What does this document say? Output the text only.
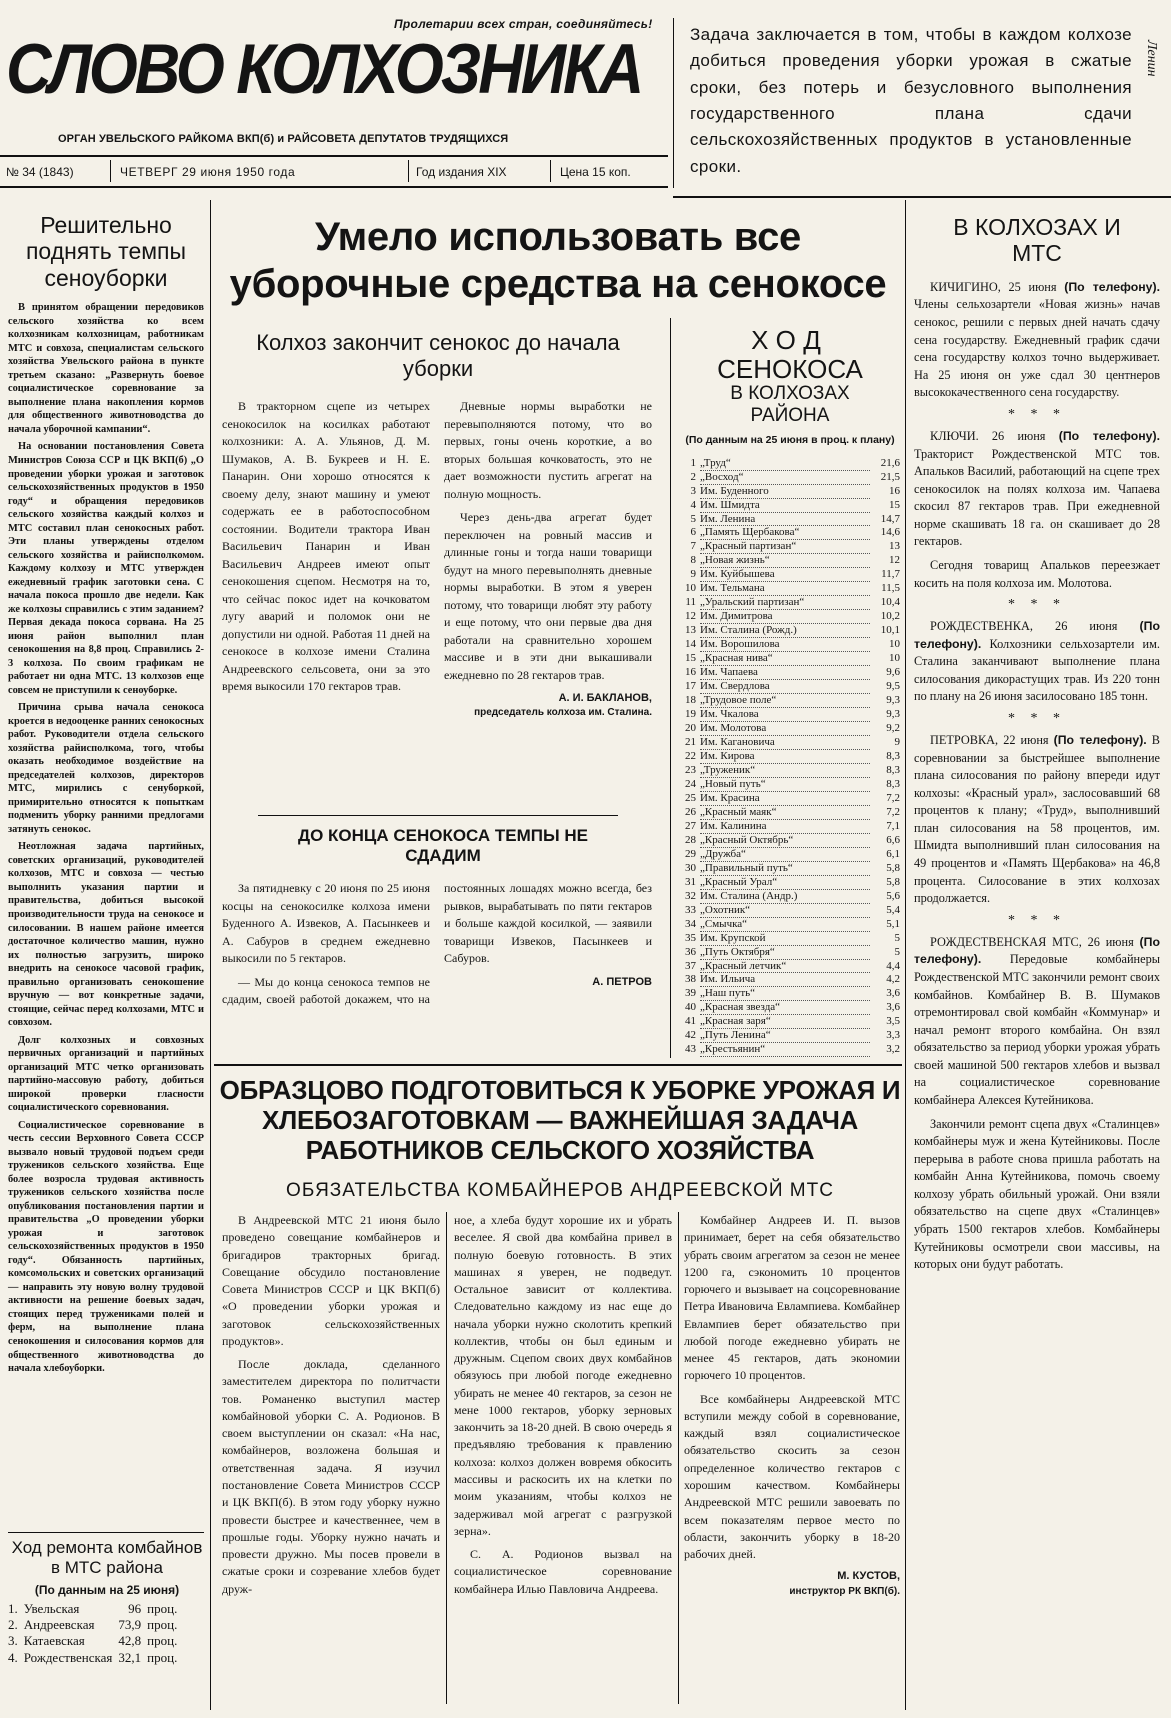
Пролетарии всех стран, соединяйтесь!
СЛОВО КОЛХОЗНИКА
ОРГАН УВЕЛЬСКОГО РАЙКОМА ВКП(б) и РАЙСОВЕТА ДЕПУТАТОВ ТРУДЯЩИХСЯ
№ 34 (1843)	ЧЕТВЕРГ 29 июня 1950 года	Год издания XIX	Цена 15 коп.
Задача заключается в том, чтобы в каждом колхозе добиться проведения уборки урожая в сжатые сроки, без потерь и безусловного выполнения государственного плана сдачи сельскохозяйственных продуктов в установленные сроки.
Ленин
Решительно поднять темпы сеноуборки

В принятом обращении передовиков сельского хозяйства ко всем колхозникам колхозницам, работникам МТС и совхоза, специалистам сельского хозяйства Увельского района в пункте третьем сказано: „Развернуть боевое социалистическое соревнование за выполнение плана накопления кормов для общественного животноводства до начала уборочной кампании“.

На основании постановления Совета Министров Союза ССР и ЦК ВКП(б) „О проведении уборки урожая и заготовок сельскохозяйственных продуктов в 1950 году“ и обращения передовиков сельского хозяйства каждый колхоз и МТС составил план сенокосных работ. Эти планы утверждены отделом сельского хозяйства и райисполкомом. Каждому колхозу и МТС утвержден ежедневный график заготовки сена. С начала покоса прошло две недели. Как же колхозы справились с этим заданием? Первая декада покоса сорвана. На 25 июня район выполнил план сенокошения на 8,8 проц. Справились 2-3 колхоза. По своим графикам не работает ни одна МТС. 13 колхозов еще совсем не приступили к сеноуборке.

Причина срыва начала сенокоса кроется в недооценке ранних сенокосных работ. Руководители отдела сельского хозяйства райисполкома, того, чтобы оказать необходимое воздействие на председателей колхозов, директоров МТС, мирились с сенуборкой, примирительно относятся к попыткам подменить уборку ранними предлогами затянуть сенокос.

Неотложная задача партийных, советских организаций, руководителей колхозов, МТС и совхоза — честью выполнить указания партии и правительства, добиться высокой производительности труда на сенокосе и силосовании. В нашем районе имеется достаточное количество машин, нужно их полностью загрузить, широко внедрить на сенокосе часовой график, правильно организовать сенокошение вручную — вот конкретные задачи, стоящие, сейчас перед колхозами, МТС и совхозом.

Долг колхозных и совхозных первичных организаций и партийных организаций МТС четко организовать партийно-массовую работу, добиться широкой проверки гласности социалистического соревнования.

Социалистическое соревнование в честь сессии Верховного Совета СССР вызвало новый трудовой подъем среди тружеников сельского хозяйства. Еще более возросла трудовая активность тружеников сельского хозяйства после опубликования постановления партии и правительства „О проведении уборки урожая и заготовок сельскохозяйственных продуктов в 1950 году“. Обязанность партийных, комсомольских и советских организаций — направить эту новую волну трудовой активности на решение боевых задач, стоящих перед тружениками полей и ферм, на выполнение плана сенокошения и силосования кормов для общественного животноводства до начала хлебоуборки.

Ход ремонта комбайнов в МТС района
(По данным на 25 июня)
1.	Увельская	96	проц.
2.	Андреевская	73,9	проц.
3.	Катаевская	42,8	проц.
4.	Рождественская	32,1	проц.
Умело использовать все уборочные средства на сенокосе
Колхоз закончит сенокос до начала уборки

В тракторном сцепе из четырех сенокосилок на косилках работают колхозники: А. А. Ульянов, Д. М. Шумаков, А. В. Букреев и Н. Е. Панарин. Они хорошо относятся к своему делу, знают машину и умеют содержать ее в работоспособном состоянии. Водители трактора Иван Васильевич Панарин и Иван Васильевич Андреев имеют опыт сенокошения сцепом. Несмотря на то, что сейчас покос идет на кочковатом лугу аварий и поломок они не допустили ни одной. Работая 11 дней на сенокосе в колхозе имени Сталина Андреевского сельсовета, они за это время выкосили 170 гектаров трав.

Дневные нормы выработки не перевыполняются потому, что во первых, гоны очень короткие, а во вторых большая кочковатость, это не дает возможности пустить агрегат на полную мощность.

Через день-два агрегат будет переключен на ровный массив и длинные гоны и тогда наши товарищи будут на много перевыполнять дневные нормы выработки. В этом я уверен потому, что товарищи любят эту работу и еще потому, что они первые два дня работали на сравнительно хорошем массиве и в эти дни выкашивали ежедневно по 28 гектаров трав.

А. И. БАКЛАНОВ,
председатель колхоза им. Сталина.
ДО КОНЦА СЕНОКОСА ТЕМПЫ НЕ СДАДИМ

За пятидневку с 20 июня по 25 июня косцы на сенокосилке колхоза имени Буденного А. Извеков, А. Пасынкеев и А. Сабуров в среднем ежедневно выкосили по 5 гектаров.

— Мы до конца сенокоса темпов не сдадим, своей работой докажем, что на постоянных лошадях можно всегда, без рывков, вырабатывать по пяти гектаров и больше каждой косилкой, — заявили товарищи Извеков, Пасынкеев и Сабуров.

А. ПЕТРОВ
ХОД
СЕНОКОСА
В КОЛХОЗАХ РАЙОНА
(По данным на 25 июня в проц. к плану)
1	„Труд“	21,6
2	„Восход“	21,5
3	Им. Буденного	16
4	Им. Шмидта	15
5	Им. Ленина	14,7
6	„Память Щербакова“	14,6
7	„Красный партизан“	13
8	„Новая жизнь“	12
9	Им. Куйбышева	11,7
10	Им. Тельмана	11,5
11	„Уральский партизан“	10,4
12	Им. Димитрова	10,2
13	Им. Сталина (Рожд.)	10,1
14	Им. Ворошилова	10
15	„Красная нива“	10
16	Им. Чапаева	9,6
17	Им. Свердлова	9,5
18	„Трудовое поле“	9,3
19	Им. Чкалова	9,3
20	Им. Молотова	9,2
21	Им. Кагановича	9
22	Им. Кирова	8,3
23	„Труженик“	8,3
24	„Новый путь“	8,3
25	Им. Красина	7,2
26	„Красный маяк“	7,2
27	Им. Калинина	7,1
28	„Красный Октябрь“	6,6
29	„Дружба“	6,1
30	„Правильный путь“	5,8
31	„Красный Урал“	5,8
32	Им. Сталина (Андр.)	5,6
33	„Охотник“	5,4
34	„Смычка“	5,1
35	Им. Крупской	5
36	„Путь Октября“	5
37	„Красный летчик“	4,4
38	Им. Ильича	4,2
39	„Наш путь“	3,6
40	„Красная звезда“	3,6
41	„Красная заря“	3,5
42	„Путь Ленина“	3,3
43	„Крестьянин“	3,2
В КОЛХОЗАХ И МТС

КИЧИГИНО, 25 июня (По телефону). Члены сельхозартели «Новая жизнь» начав сенокос, решили с первых дней начать сдачу сена государству. Ежедневный график сдачи сена государству колхоз точно выдерживает. На 25 июня он уже сдал 30 центнеров высококачественного сена государству.

* * *

КЛЮЧИ. 26 июня (По телефону). Тракторист Рождественской МТС тов. Апальков Василий, работающий на сцепе трех сенокосилок на полях колхоза им. Чапаева скосил 87 гектаров трав. При ежедневной норме скашивать 18 га. он скашивает до 28 гектаров.

Сегодня товарищ Апальков переезжает косить на поля колхоза им. Молотова.

* * *

РОЖДЕСТВЕНКА, 26 июня (По телефону). Колхозники сельхозартели им. Сталина заканчивают выполнение плана силосования дикорастущих трав. Из 220 тонн по плану на 26 июня засилосовано 185 тонн.

* * *

ПЕТРОВКА, 22 июня (По телефону). В соревновании за быстрейшее выполнение плана силосования по району впереди идут колхозы: «Красный урал», заслосовавший 68 процентов к плану; «Труд», выполнивший план силосования на 58 процентов, им. Шмидта выполнивший план силосования на 49 процентов и «Память Щербакова» на 46,8 процента. Силосование в этих колхозах продолжается.

* * *

РОЖДЕСТВЕНСКАЯ МТС, 26 июня (По телефону). Передовые комбайнеры Рождественской МТС закончили ремонт своих комбайнов. Комбайнер В. В. Шумаков отремонтировал свой комбайн «Коммунар» и начал ремонт второго комбайна. Он взял обязательство за период уборки урожая убрать своей машиной 500 гектаров хлебов и вызвал на социалистическое соревнование комбайнера Алексея Кутейникова.

Закончили ремонт сцепа двух «Сталинцев» комбайнеры муж и жена Кутейниковы. После перерыва в работе снова пришла работать на комбайн Анна Кутейникова, помочь своему колхозу убрать обильный урожай. Они взяли обязательство на сцепе двух «Сталинцев» убрать 1500 гектаров хлебов. Комбайнеры Кутейниковы осмотрели свои массивы, на которых они будут работать.

ОБРАЗЦОВО ПОДГОТОВИТЬСЯ К УБОРКЕ УРОЖАЯ И ХЛЕБОЗАГОТОВКАМ — ВАЖНЕЙШАЯ ЗАДАЧА РАБОТНИКОВ СЕЛЬСКОГО ХОЗЯЙСТВА
ОБЯЗАТЕЛЬСТВА КОМБАЙНЕРОВ АНДРЕЕВСКОЙ МТС

В Андреевской МТС 21 июня было проведено совещание комбайнеров и бригадиров тракторных бригад. Совещание обсудило постановление Совета Министров СССР и ЦК ВКП(б) «О проведении уборки урожая и заготовок сельскохозяйственных продуктов».

После доклада, сделанного заместителем директора по политчасти тов. Романенко выступил мастер комбайновой уборки С. А. Родионов. В своем выступлении он сказал: «На нас, комбайнеров, возложена большая и ответственная задача. Я изучил постановление Совета Министров СССР и ЦК ВКП(б). В этом году уборку нужно провести быстрее и качественнее, чем в прошлые годы. Уборку нужно начать и провести дружно. Мы посев провели в сжатые сроки и созревание хлебов будет друж-

ное, а хлеба будут хорошие их и убрать веселее. Я свой два комбайна привел в полную боевую готовность. В этих машинах я уверен, не подведут. Остальное зависит от коллектива. Следовательно каждому из нас еще до начала уборки нужно сколотить крепкий коллектив, чтобы он был единым и дружным. Сцепом своих двух комбайнов обязуюсь при любой погоде ежедневно убирать не менее 40 гектаров, за сезон не мене 1000 гектаров, уборку зерновых закончить за 18-20 дней. В свою очередь я предъявляю требования к правлению колхоза: колхоз должен вовремя обкосить массивы и раскосить их на клетки по моим указаниям, чтобы колхоз не задерживал мой агрегат с разгрузкой зерна».

С. А. Родионов вызвал на социалистическое соревнование комбайнера Илью Павловича Андреева.

Комбайнер Андреев И. П. вызов принимает, берет на себя обязательство убрать своим агрегатом за сезон не менее 1200 га, сэкономить 10 процентов горючего и вызывает на соцсоревнование Петра Ивановича Евлампиева. Комбайнер Евлампиев берет обязательство при любой погоде ежедневно убирать не менее 45 гектаров, дать экономии горючего 10 процентов.

Все комбайнеры Андреевской МТС вступили между собой в соревнование, каждый взял социалистическое обязательство скосить за сезон определенное количество гектаров с хорошим качеством. Комбайнеры Андреевской МТС решили завоевать по всем показателям первое место по области, закончить уборку в 18-20 рабочих дней.

М. КУСТОВ,
инструктор РК ВКП(б).
